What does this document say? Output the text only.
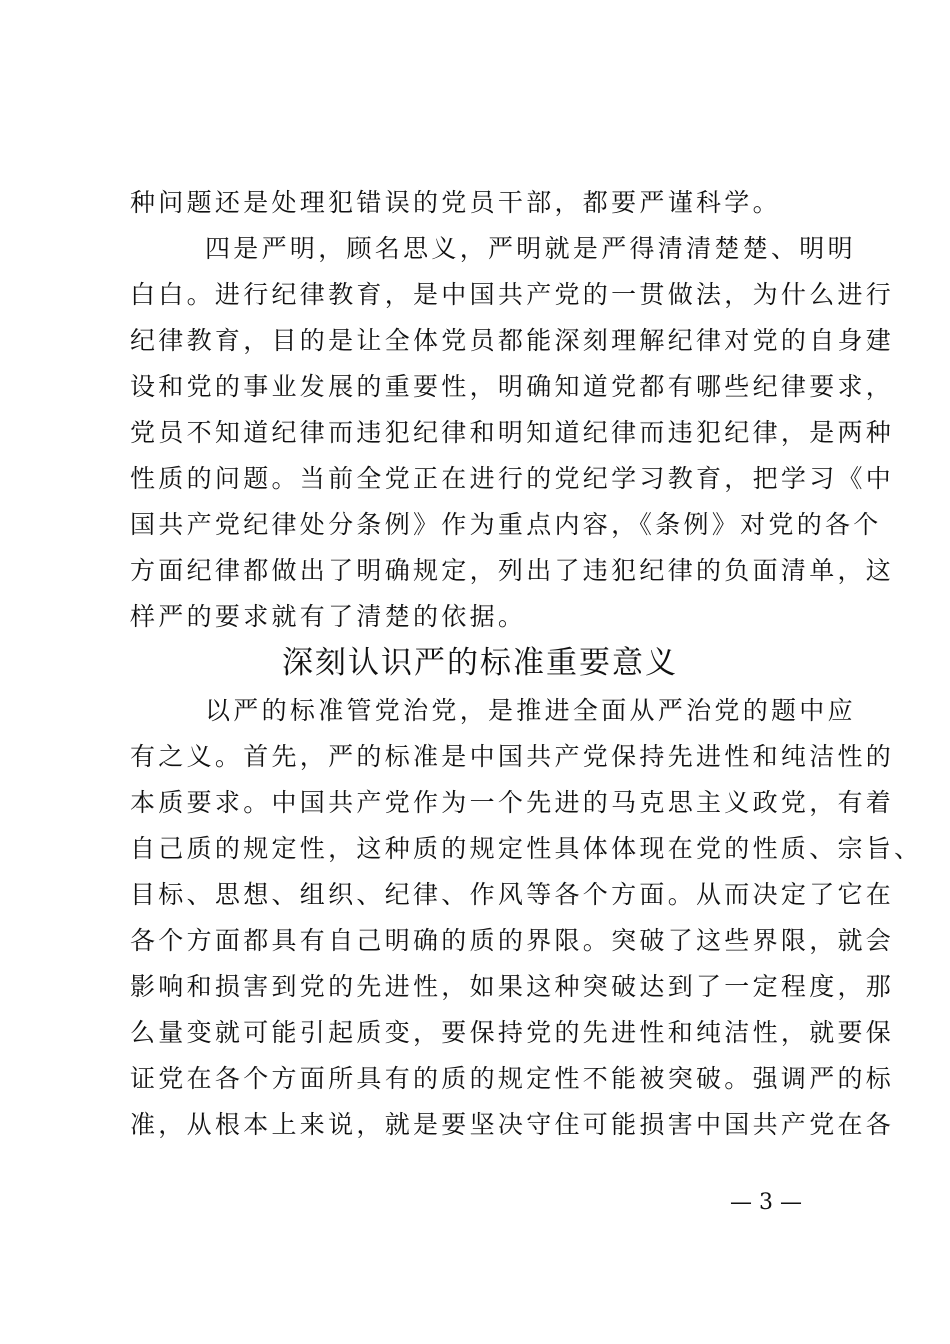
种问题还是处理犯错误的党员干部，都要严谨科学。
四是严明，顾名思义，严明就是严得清清楚楚、明明
白白。进行纪律教育，是中国共产党的一贯做法，为什么进行
纪律教育，目的是让全体党员都能深刻理解纪律对党的自身建
设和党的事业发展的重要性，明确知道党都有哪些纪律要求，
党员不知道纪律而违犯纪律和明知道纪律而违犯纪律，是两种
性质的问题。当前全党正在进行的党纪学习教育，把学习《中
国共产党纪律处分条例》作为重点内容，《条例》对党的各个
方面纪律都做出了明确规定，列出了违犯纪律的负面清单，这
样严的要求就有了清楚的依据。
深刻认识严的标准重要意义
以严的标准管党治党，是推进全面从严治党的题中应
有之义。首先，严的标准是中国共产党保持先进性和纯洁性的
本质要求。中国共产党作为一个先进的马克思主义政党，有着
自己质的规定性，这种质的规定性具体体现在党的性质、宗旨、
目标、思想、组织、纪律、作风等各个方面。从而决定了它在
各个方面都具有自己明确的质的界限。突破了这些界限，就会
影响和损害到党的先进性，如果这种突破达到了一定程度，那
么量变就可能引起质变，要保持党的先进性和纯洁性，就要保
证党在各个方面所具有的质的规定性不能被突破。强调严的标
准，从根本上来说，就是要坚决守住可能损害中国共产党在各
— 3 —
